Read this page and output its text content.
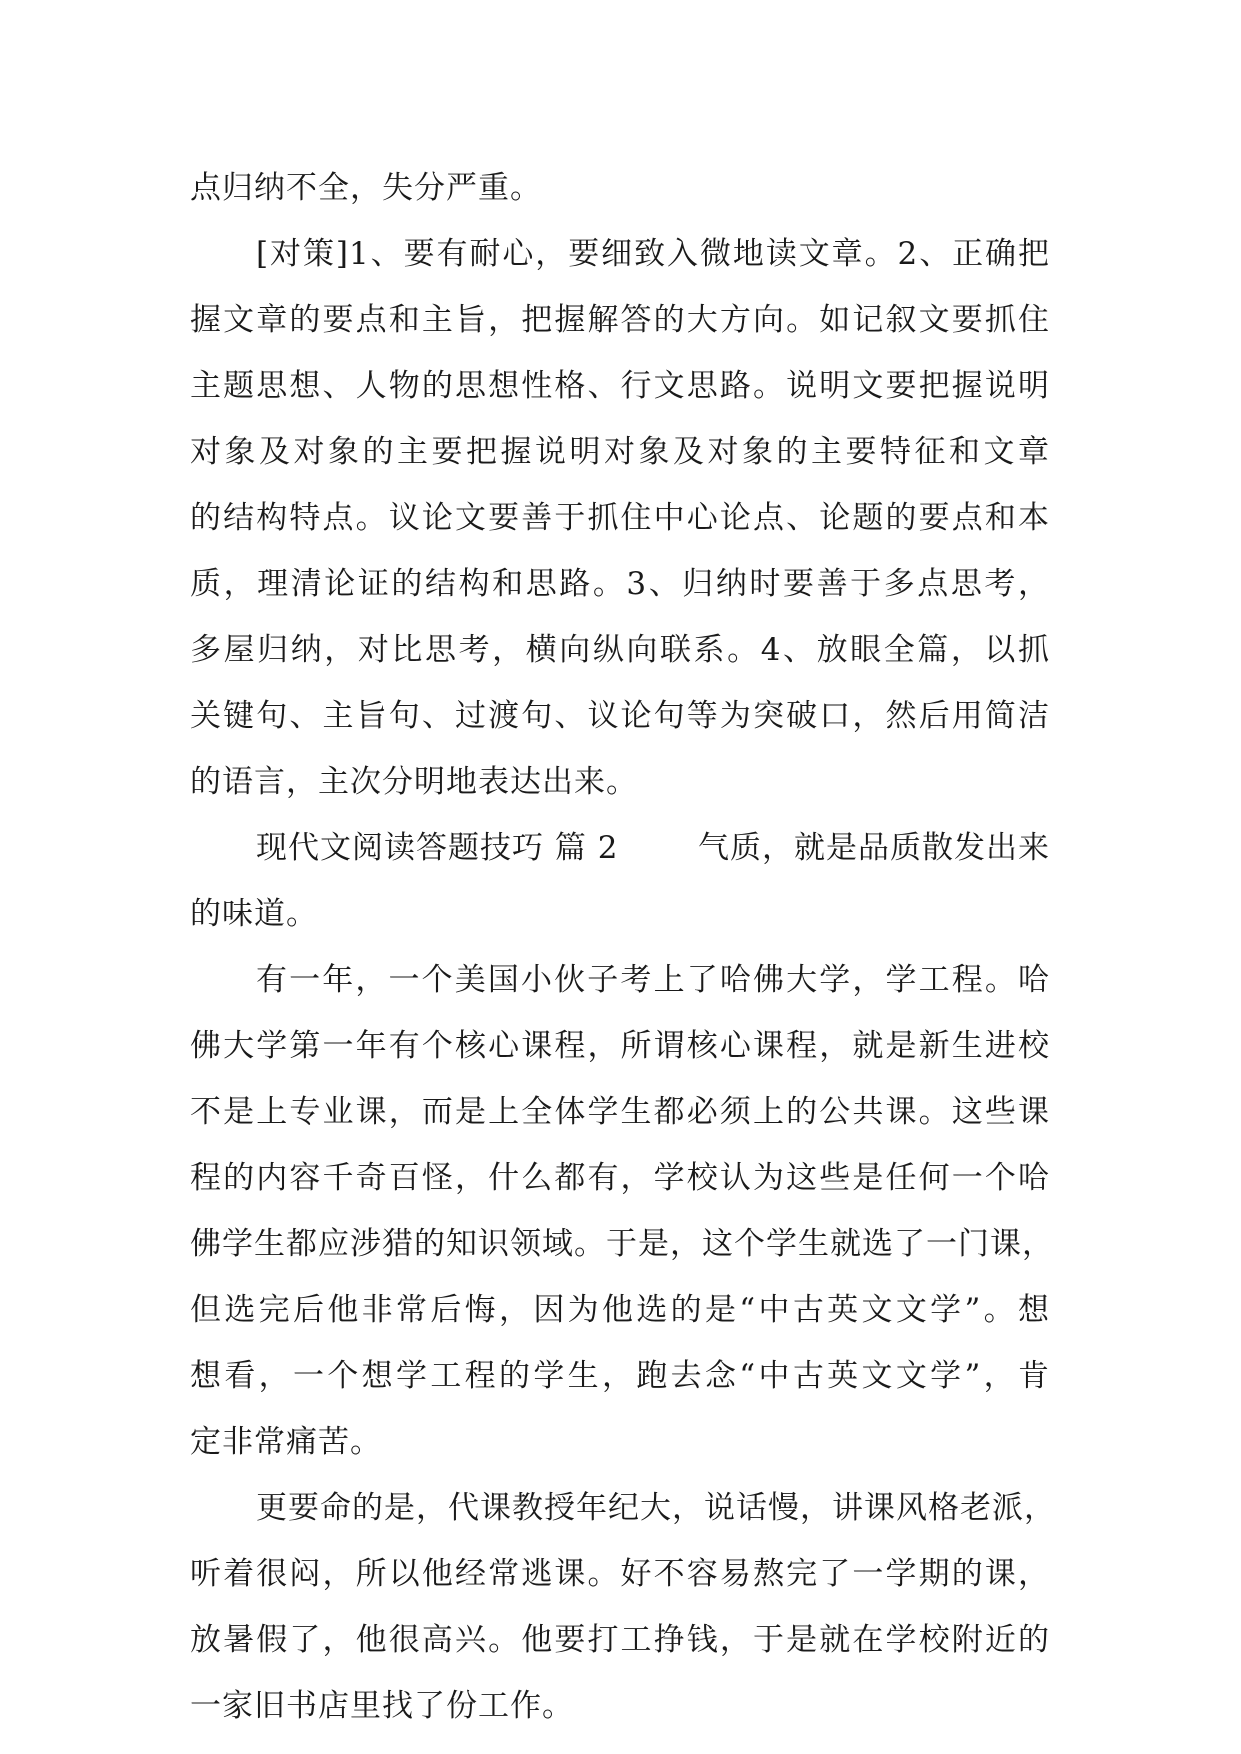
点归纳不全，失分严重。
[对策]1、要有耐心，要细致入微地读文章。2、正确把
握文章的要点和主旨，把握解答的大方向。如记叙文要抓住
主题思想、人物的思想性格、行文思路。说明文要把握说明
对象及对象的主要把握说明对象及对象的主要特征和文章
的结构特点。议论文要善于抓住中心论点、论题的要点和本
质，理清论证的结构和思路。3、归纳时要善于多点思考，
多屋归纳，对比思考，横向纵向联系。4、放眼全篇，以抓
关键句、主旨句、过渡句、议论句等为突破口，然后用简洁
的语言，主次分明地表达出来。
现代文阅读答题技巧 篇 2	气质，就是品质散发出来
的味道。
有一年，一个美国小伙子考上了哈佛大学，学工程。哈
佛大学第一年有个核心课程，所谓核心课程，就是新生进校
不是上专业课，而是上全体学生都必须上的公共课。这些课
程的内容千奇百怪，什么都有，学校认为这些是任何一个哈
佛学生都应涉猎的知识领域。于是，这个学生就选了一门课，
但选完后他非常后悔，因为他选的是“中古英文文学”。想
想看，一个想学工程的学生，跑去念“中古英文文学”，肯
定非常痛苦。
更要命的是，代课教授年纪大，说话慢，讲课风格老派，
听着很闷，所以他经常逃课。好不容易熬完了一学期的课，
放暑假了，他很高兴。他要打工挣钱，于是就在学校附近的
一家旧书店里找了份工作。
